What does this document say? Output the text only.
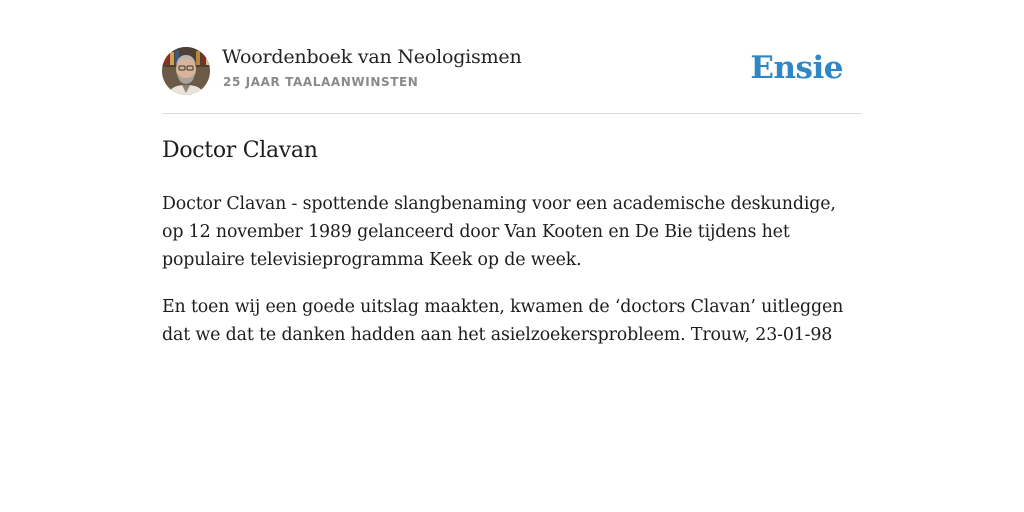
Woordenboek van Neologismen
25 JAAR TAALAANWINSTEN	Ensie
Doctor Clavan

Doctor Clavan - spottende slangbenaming voor een academische deskundige, op 12 november 1989 gelanceerd door Van Kooten en De Bie tijdens het populaire televisieprogramma Keek op de week.

En toen wij een goede uitslag maakten, kwamen de ‘doctors Clavan’ uitleggen dat we dat te danken hadden aan het asielzoekersprobleem. Trouw, 23-01-98
